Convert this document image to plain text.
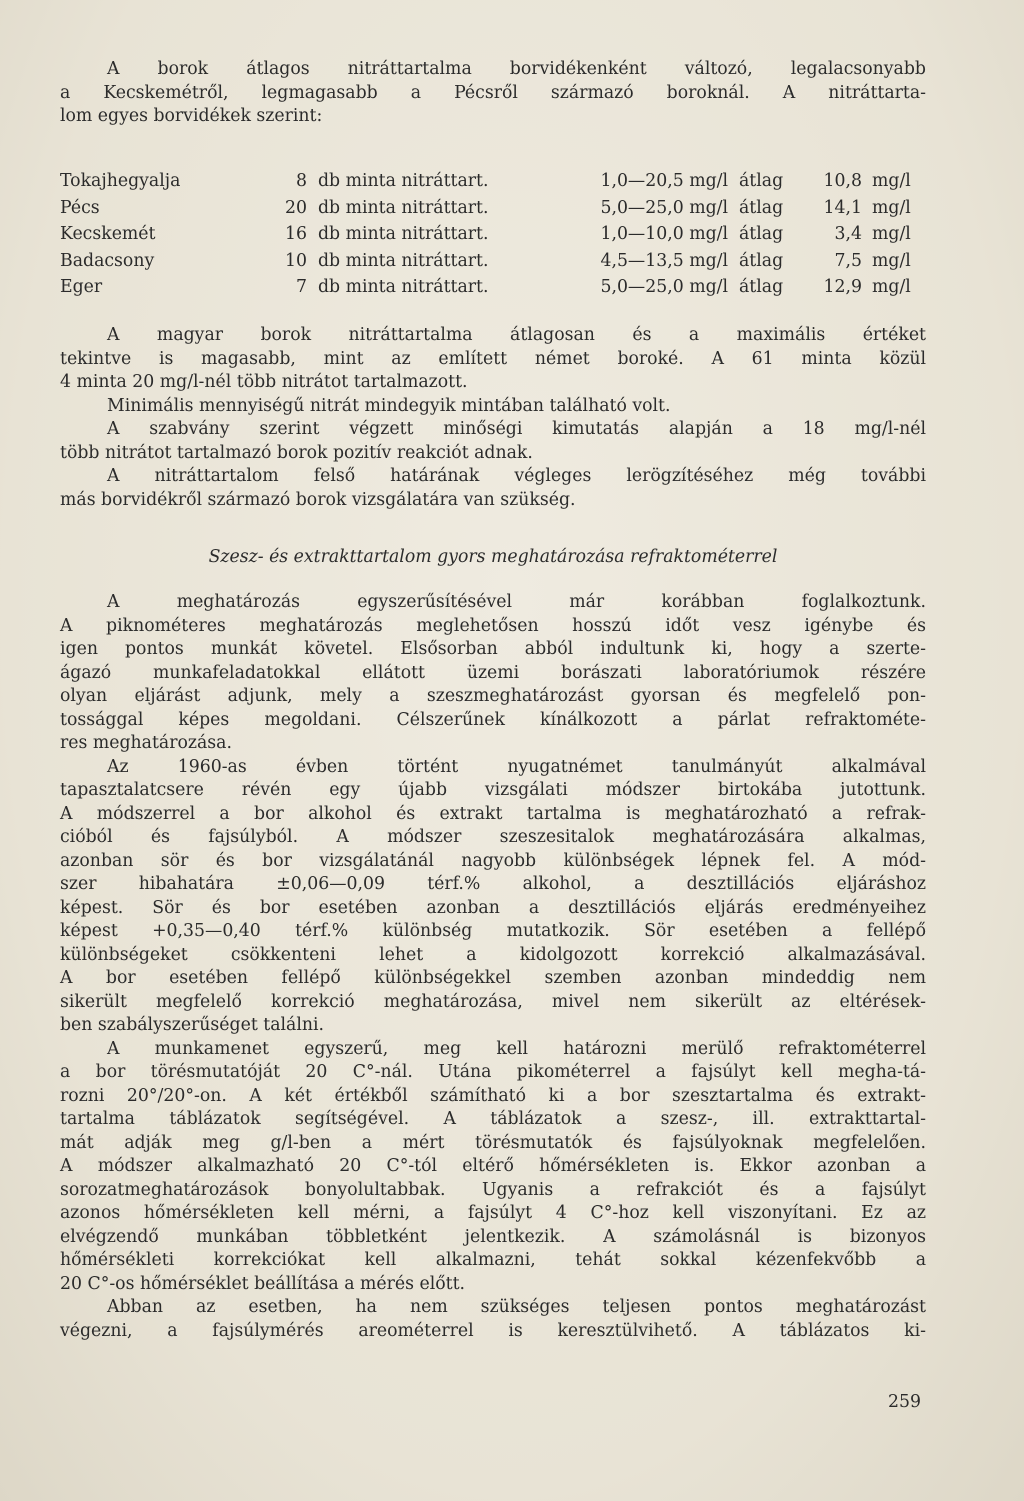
A borok átlagos nitráttartalma borvidékenként változó, legalacsonyabb
a Kecskemétről, legmagasabb a Pécsről származó boroknál. A nitráttarta-
lom egyes borvidékek szerint:
Tokajhegyalja	8 db minta nitráttart.	1,0—20,5 mg/l átlag	10,8 mg/l
Pécs	20 db minta nitráttart.	5,0—25,0 mg/l átlag	14,1 mg/l
Kecskemét	16 db minta nitráttart.	1,0—10,0 mg/l átlag	3,4 mg/l
Badacsony	10 db minta nitráttart.	4,5—13,5 mg/l átlag	7,5 mg/l
Eger	7 db minta nitráttart.	5,0—25,0 mg/l átlag	12,9 mg/l
A magyar borok nitráttartalma átlagosan és a maximális értéket
tekintve is magasabb, mint az említett német boroké. A 61 minta közül
4 minta 20 mg/l-nél több nitrátot tartalmazott.
Minimális mennyiségű nitrát mindegyik mintában található volt.
A szabvány szerint végzett minőségi kimutatás alapján a 18 mg/l-nél
több nitrátot tartalmazó borok pozitív reakciót adnak.
A nitráttartalom felső határának végleges lerögzítéséhez még további
más borvidékről származó borok vizsgálatára van szükség.
Szesz- és extrakttartalom gyors meghatározása refraktométerrel
A meghatározás egyszerűsítésével már korábban foglalkoztunk.
A piknométeres meghatározás meglehetősen hosszú időt vesz igénybe és
igen pontos munkát követel. Elsősorban abból indultunk ki, hogy a szerte-
ágazó munkafeladatokkal ellátott üzemi borászati laboratóriumok részére
olyan eljárást adjunk, mely a szeszmeghatározást gyorsan és megfelelő pon-
tossággal képes megoldani. Célszerűnek kínálkozott a párlat refraktométe-
res meghatározása.
Az 1960-as évben történt nyugatnémet tanulmányút alkalmával
tapasztalatcsere révén egy újabb vizsgálati módszer birtokába jutottunk.
A módszerrel a bor alkohol és extrakt tartalma is meghatározható a refrak-
cióból és fajsúlyból. A módszer szeszesitalok meghatározására alkalmas,
azonban sör és bor vizsgálatánál nagyobb különbségek lépnek fel. A mód-
szer hibahatára ±0,06—0,09 térf.% alkohol, a desztillációs eljáráshoz
képest. Sör és bor esetében azonban a desztillációs eljárás eredményeihez
képest +0,35—0,40 térf.% különbség mutatkozik. Sör esetében a fellépő
különbségeket csökkenteni lehet a kidolgozott korrekció alkalmazásával.
A bor esetében fellépő különbségekkel szemben azonban mindeddig nem
sikerült megfelelő korrekció meghatározása, mivel nem sikerült az eltérések-
ben szabályszerűséget találni.
A munkamenet egyszerű, meg kell határozni merülő refraktométerrel
a bor törésmutatóját 20 C°-nál. Utána pikométerrel a fajsúlyt kell megha-tá-
rozni 20°/20°-on. A két értékből számítható ki a bor szesztartalma és extrakt-
tartalma táblázatok segítségével. A táblázatok a szesz-, ill. extrakttartal-
mát adják meg g/l-ben a mért törésmutatók és fajsúlyoknak megfelelően.
A módszer alkalmazható 20 C°-tól eltérő hőmérsékleten is. Ekkor azonban a
sorozatmeghatározások bonyolultabbak. Ugyanis a refrakciót és a fajsúlyt
azonos hőmérsékleten kell mérni, a fajsúlyt 4 C°-hoz kell viszonyítani. Ez az
elvégzendő munkában többletként jelentkezik. A számolásnál is bizonyos
hőmérsékleti korrekciókat kell alkalmazni, tehát sokkal kézenfekvőbb a
20 C°-os hőmérséklet beállítása a mérés előtt.
Abban az esetben, ha nem szükséges teljesen pontos meghatározást
végezni, a fajsúlymérés areométerrel is keresztülvihető. A táblázatos ki-
259
